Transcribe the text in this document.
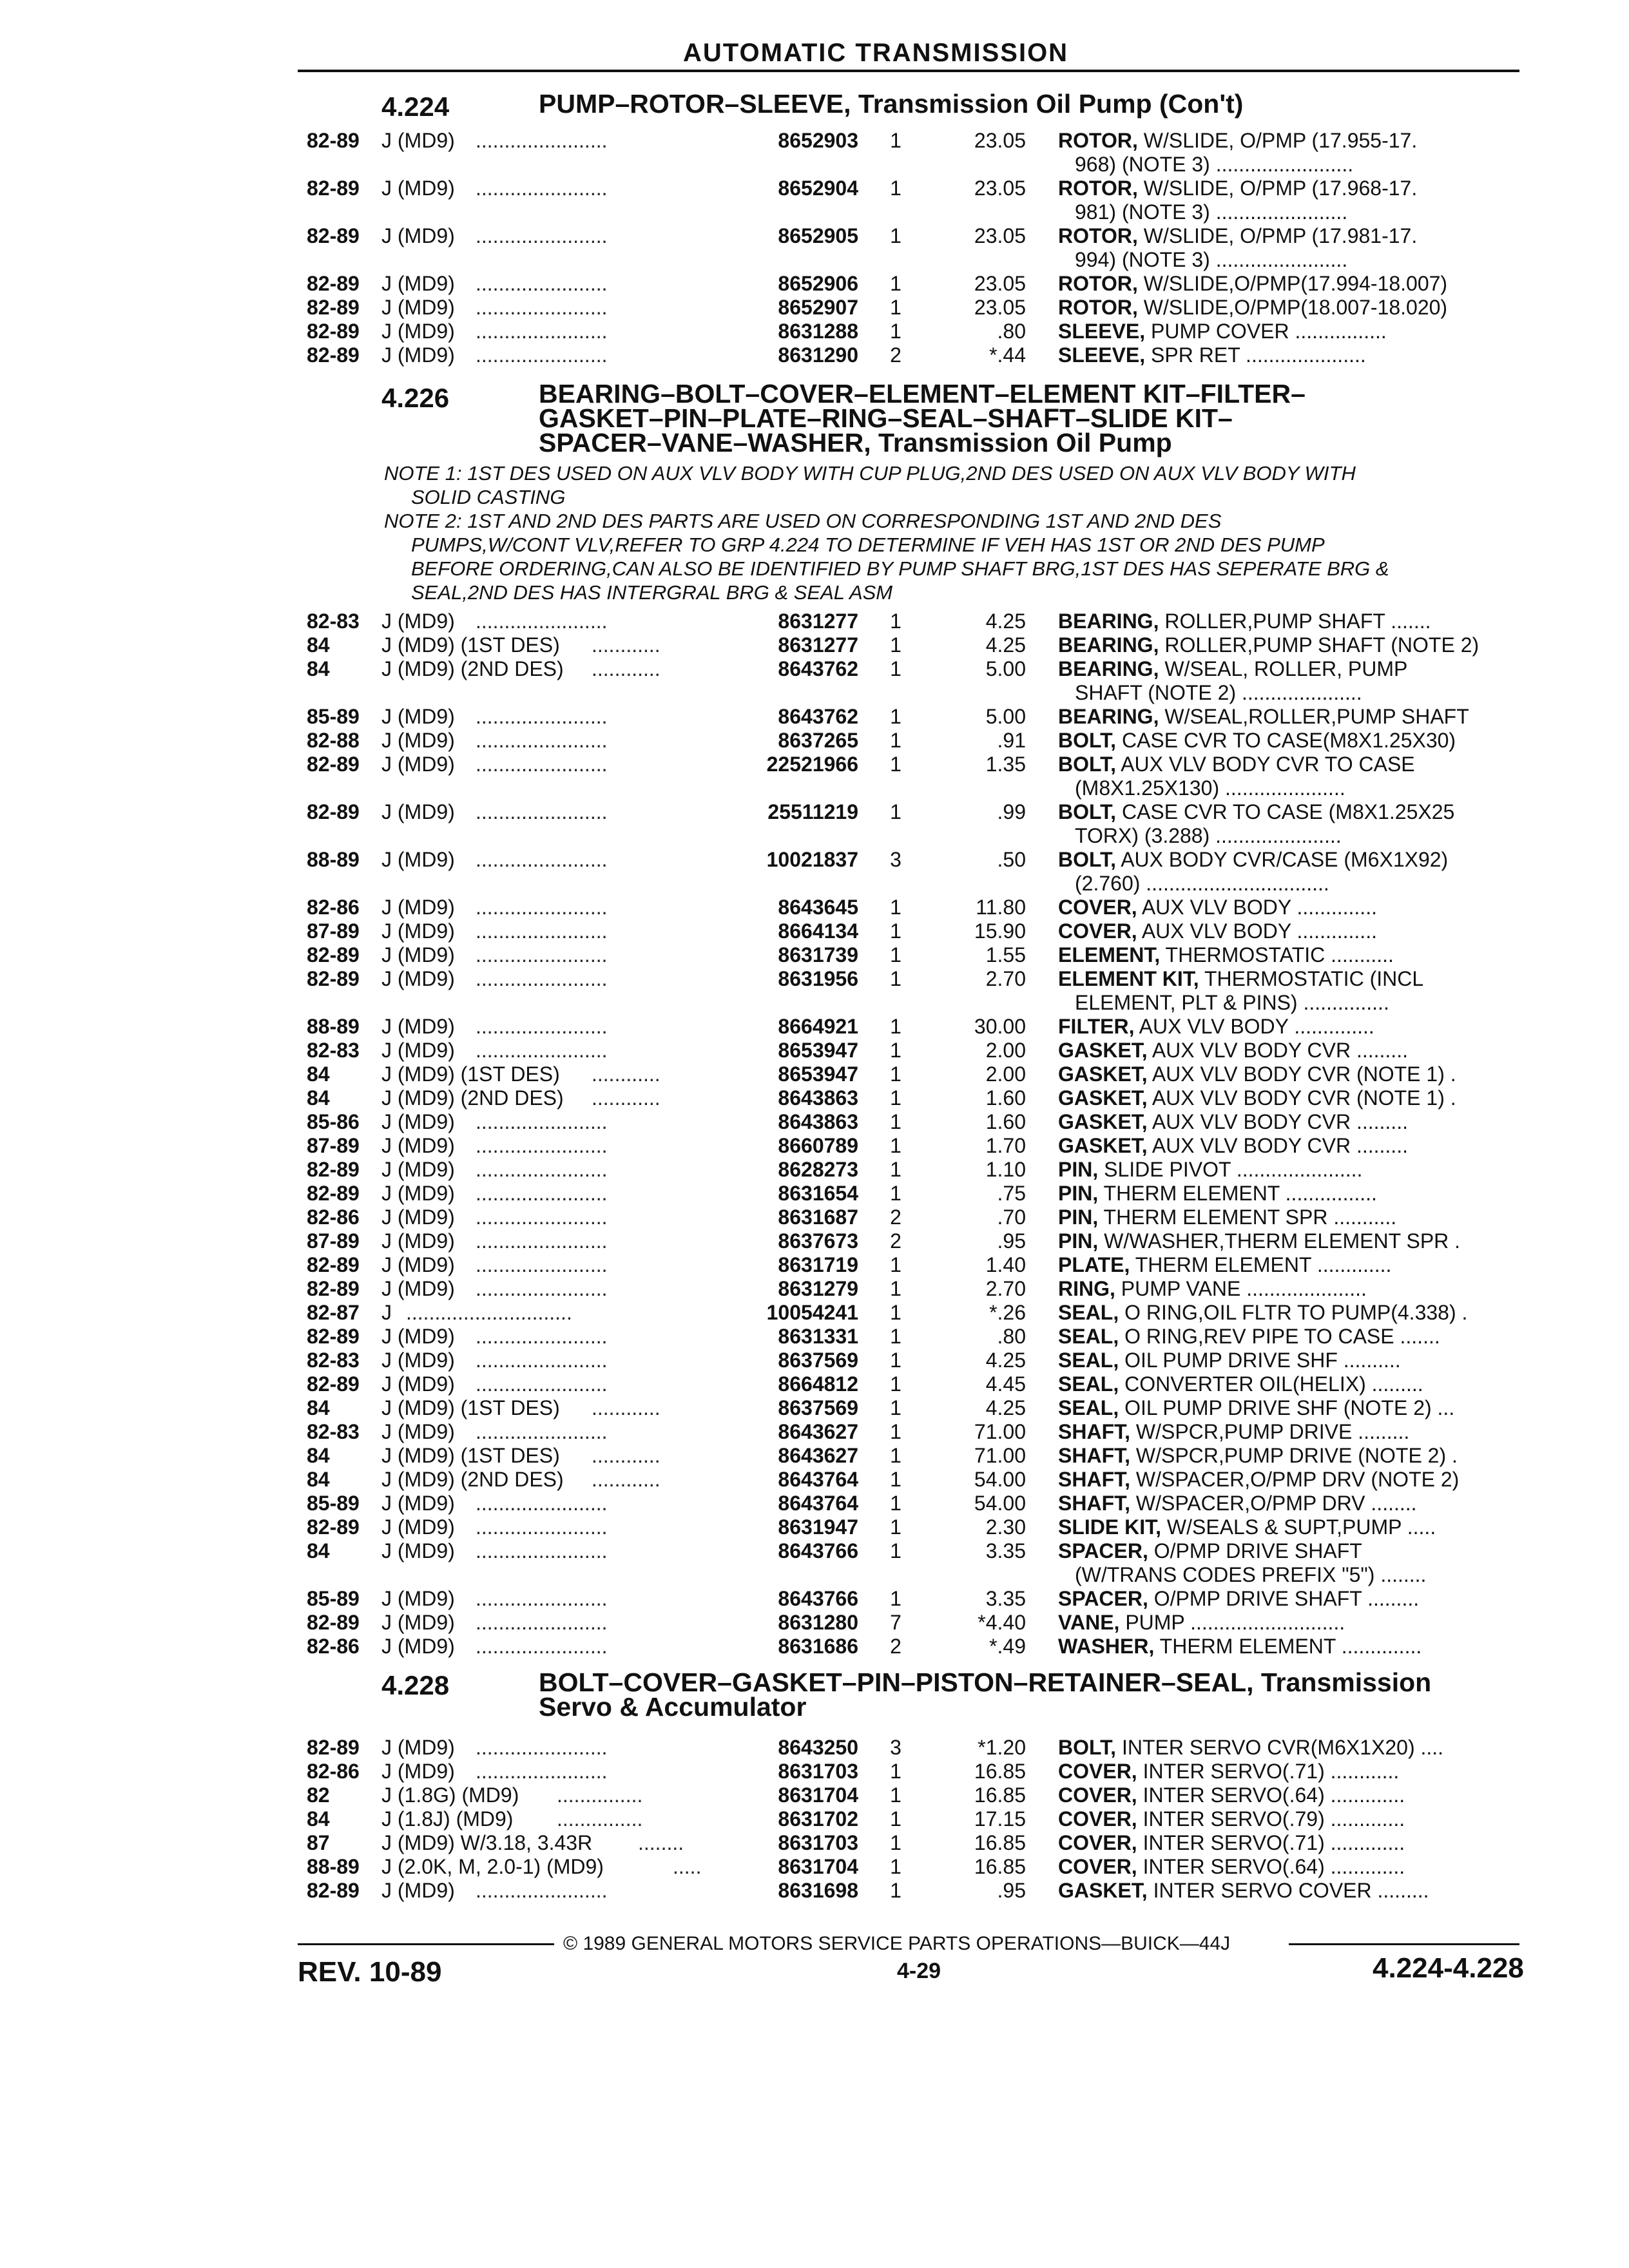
AUTOMATIC TRANSMISSION
4.224	PUMP–ROTOR–SLEEVE, Transmission Oil Pump (Con't)
82-89 J (MD9) .......................	8652903	1	23.05 ROTOR, W/SLIDE, O/PMP (17.955-17.
968) (NOTE 3) ........................
82-89 J (MD9) .......................	8652904	1	23.05 ROTOR, W/SLIDE, O/PMP (17.968-17.
981) (NOTE 3) .......................
82-89 J (MD9) .......................	8652905	1	23.05 ROTOR, W/SLIDE, O/PMP (17.981-17.
994) (NOTE 3) .......................
82-89 J (MD9) .......................	8652906	1	23.05 ROTOR, W/SLIDE,O/PMP(17.994-18.007)
82-89 J (MD9) .......................	8652907	1	23.05 ROTOR, W/SLIDE,O/PMP(18.007-18.020)
82-89 J (MD9) .......................	8631288	1	.80 SLEEVE, PUMP COVER ................
82-89 J (MD9) .......................	8631290	2	*.44 SLEEVE, SPR RET .....................
4.226	BEARING–BOLT–COVER–ELEMENT–ELEMENT KIT–FILTER–
GASKET–PIN–PLATE–RING–SEAL–SHAFT–SLIDE KIT–
SPACER–VANE–WASHER, Transmission Oil Pump
NOTE 1: 1ST DES USED ON AUX VLV BODY WITH CUP PLUG,2ND DES USED ON AUX VLV BODY WITH
SOLID CASTING
NOTE 2: 1ST AND 2ND DES PARTS ARE USED ON CORRESPONDING 1ST AND 2ND DES
PUMPS,W/CONT VLV,REFER TO GRP 4.224 TO DETERMINE IF VEH HAS 1ST OR 2ND DES PUMP
BEFORE ORDERING,CAN ALSO BE IDENTIFIED BY PUMP SHAFT BRG,1ST DES HAS SEPERATE BRG &
SEAL,2ND DES HAS INTERGRAL BRG & SEAL ASM
82-83 J (MD9) .......................	8631277	1	4.25 BEARING, ROLLER,PUMP SHAFT .......
84	J (MD9) (1ST DES) ............	8631277	1	4.25 BEARING, ROLLER,PUMP SHAFT (NOTE 2)
84	J (MD9) (2ND DES) ............	8643762	1	5.00 BEARING, W/SEAL, ROLLER, PUMP
SHAFT (NOTE 2) .....................
85-89 J (MD9) .......................	8643762	1	5.00 BEARING, W/SEAL,ROLLER,PUMP SHAFT
82-88 J (MD9) .......................	8637265	1	.91 BOLT, CASE CVR TO CASE(M8X1.25X30)
82-89 J (MD9) .......................	22521966	1	1.35 BOLT, AUX VLV BODY CVR TO CASE
(M8X1.25X130) .....................
82-89 J (MD9) .......................	25511219	1	.99 BOLT, CASE CVR TO CASE (M8X1.25X25
TORX) (3.288) ......................
88-89 J (MD9) .......................	10021837	3	.50 BOLT, AUX BODY CVR/CASE (M6X1X92)
(2.760) ................................
82-86 J (MD9) .......................	8643645	1	11.80 COVER, AUX VLV BODY ..............
87-89 J (MD9) .......................	8664134	1	15.90 COVER, AUX VLV BODY ..............
82-89 J (MD9) .......................	8631739	1	1.55 ELEMENT, THERMOSTATIC ...........
82-89 J (MD9) .......................	8631956	1	2.70 ELEMENT KIT, THERMOSTATIC (INCL
ELEMENT, PLT & PINS) ...............
88-89 J (MD9) .......................	8664921	1	30.00 FILTER, AUX VLV BODY ..............
82-83 J (MD9) .......................	8653947	1	2.00 GASKET, AUX VLV BODY CVR .........
84	J (MD9) (1ST DES) ............	8653947	1	2.00 GASKET, AUX VLV BODY CVR (NOTE 1) .
84	J (MD9) (2ND DES) ............	8643863	1	1.60 GASKET, AUX VLV BODY CVR (NOTE 1) .
85-86 J (MD9) .......................	8643863	1	1.60 GASKET, AUX VLV BODY CVR .........
87-89 J (MD9) .......................	8660789	1	1.70 GASKET, AUX VLV BODY CVR .........
82-89 J (MD9) .......................	8628273	1	1.10 PIN, SLIDE PIVOT ......................
82-89 J (MD9) .......................	8631654	1	.75 PIN, THERM ELEMENT ................
82-86 J (MD9) .......................	8631687	2	.70 PIN, THERM ELEMENT SPR ...........
87-89 J (MD9) .......................	8637673	2	.95 PIN, W/WASHER,THERM ELEMENT SPR .
82-89 J (MD9) .......................	8631719	1	1.40 PLATE, THERM ELEMENT .............
82-89 J (MD9) .......................	8631279	1	2.70 RING, PUMP VANE .....................
82-87 J .............................	10054241	1	*.26 SEAL, O RING,OIL FLTR TO PUMP(4.338) .
82-89 J (MD9) .......................	8631331	1	.80 SEAL, O RING,REV PIPE TO CASE .......
82-83 J (MD9) .......................	8637569	1	4.25 SEAL, OIL PUMP DRIVE SHF ..........
82-89 J (MD9) .......................	8664812	1	4.45 SEAL, CONVERTER OIL(HELIX) .........
84	J (MD9) (1ST DES) ............	8637569	1	4.25 SEAL, OIL PUMP DRIVE SHF (NOTE 2) ...
82-83 J (MD9) .......................	8643627	1	71.00 SHAFT, W/SPCR,PUMP DRIVE .........
84	J (MD9) (1ST DES) ............	8643627	1	71.00 SHAFT, W/SPCR,PUMP DRIVE (NOTE 2) .
84	J (MD9) (2ND DES) ............	8643764	1	54.00 SHAFT, W/SPACER,O/PMP DRV (NOTE 2)
85-89 J (MD9) .......................	8643764	1	54.00 SHAFT, W/SPACER,O/PMP DRV ........
82-89 J (MD9) .......................	8631947	1	2.30 SLIDE KIT, W/SEALS & SUPT,PUMP .....
84	J (MD9) .......................	8643766	1	3.35 SPACER, O/PMP DRIVE SHAFT
(W/TRANS CODES PREFIX "5") ........
85-89 J (MD9) .......................	8643766	1	3.35 SPACER, O/PMP DRIVE SHAFT .........
82-89 J (MD9) .......................	8631280	7	*4.40 VANE, PUMP ...........................
82-86 J (MD9) .......................	8631686	2	*.49 WASHER, THERM ELEMENT ..............
4.228	BOLT–COVER–GASKET–PIN–PISTON–RETAINER–SEAL, Transmission
Servo & Accumulator
82-89 J (MD9) .......................	8643250	3	*1.20 BOLT, INTER SERVO CVR(M6X1X20) ....
82-86 J (MD9) .......................	8631703	1	16.85 COVER, INTER SERVO(.71) ............
82	J (1.8G) (MD9) ...............	8631704	1	16.85 COVER, INTER SERVO(.64) .............
84	J (1.8J) (MD9) ...............	8631702	1	17.15 COVER, INTER SERVO(.79) .............
87	J (MD9) W/3.18, 3.43R ........	8631703	1	16.85 COVER, INTER SERVO(.71) .............
88-89 J (2.0K, M, 2.0-1) (MD9)	.....	8631704	1	16.85 COVER, INTER SERVO(.64) .............
82-89 J (MD9) .......................	8631698	1	.95 GASKET, INTER SERVO COVER .........
© 1989 GENERAL MOTORS SERVICE PARTS OPERATIONS—BUICK—44J
REV. 10-89	4-29	4.224-4.228
